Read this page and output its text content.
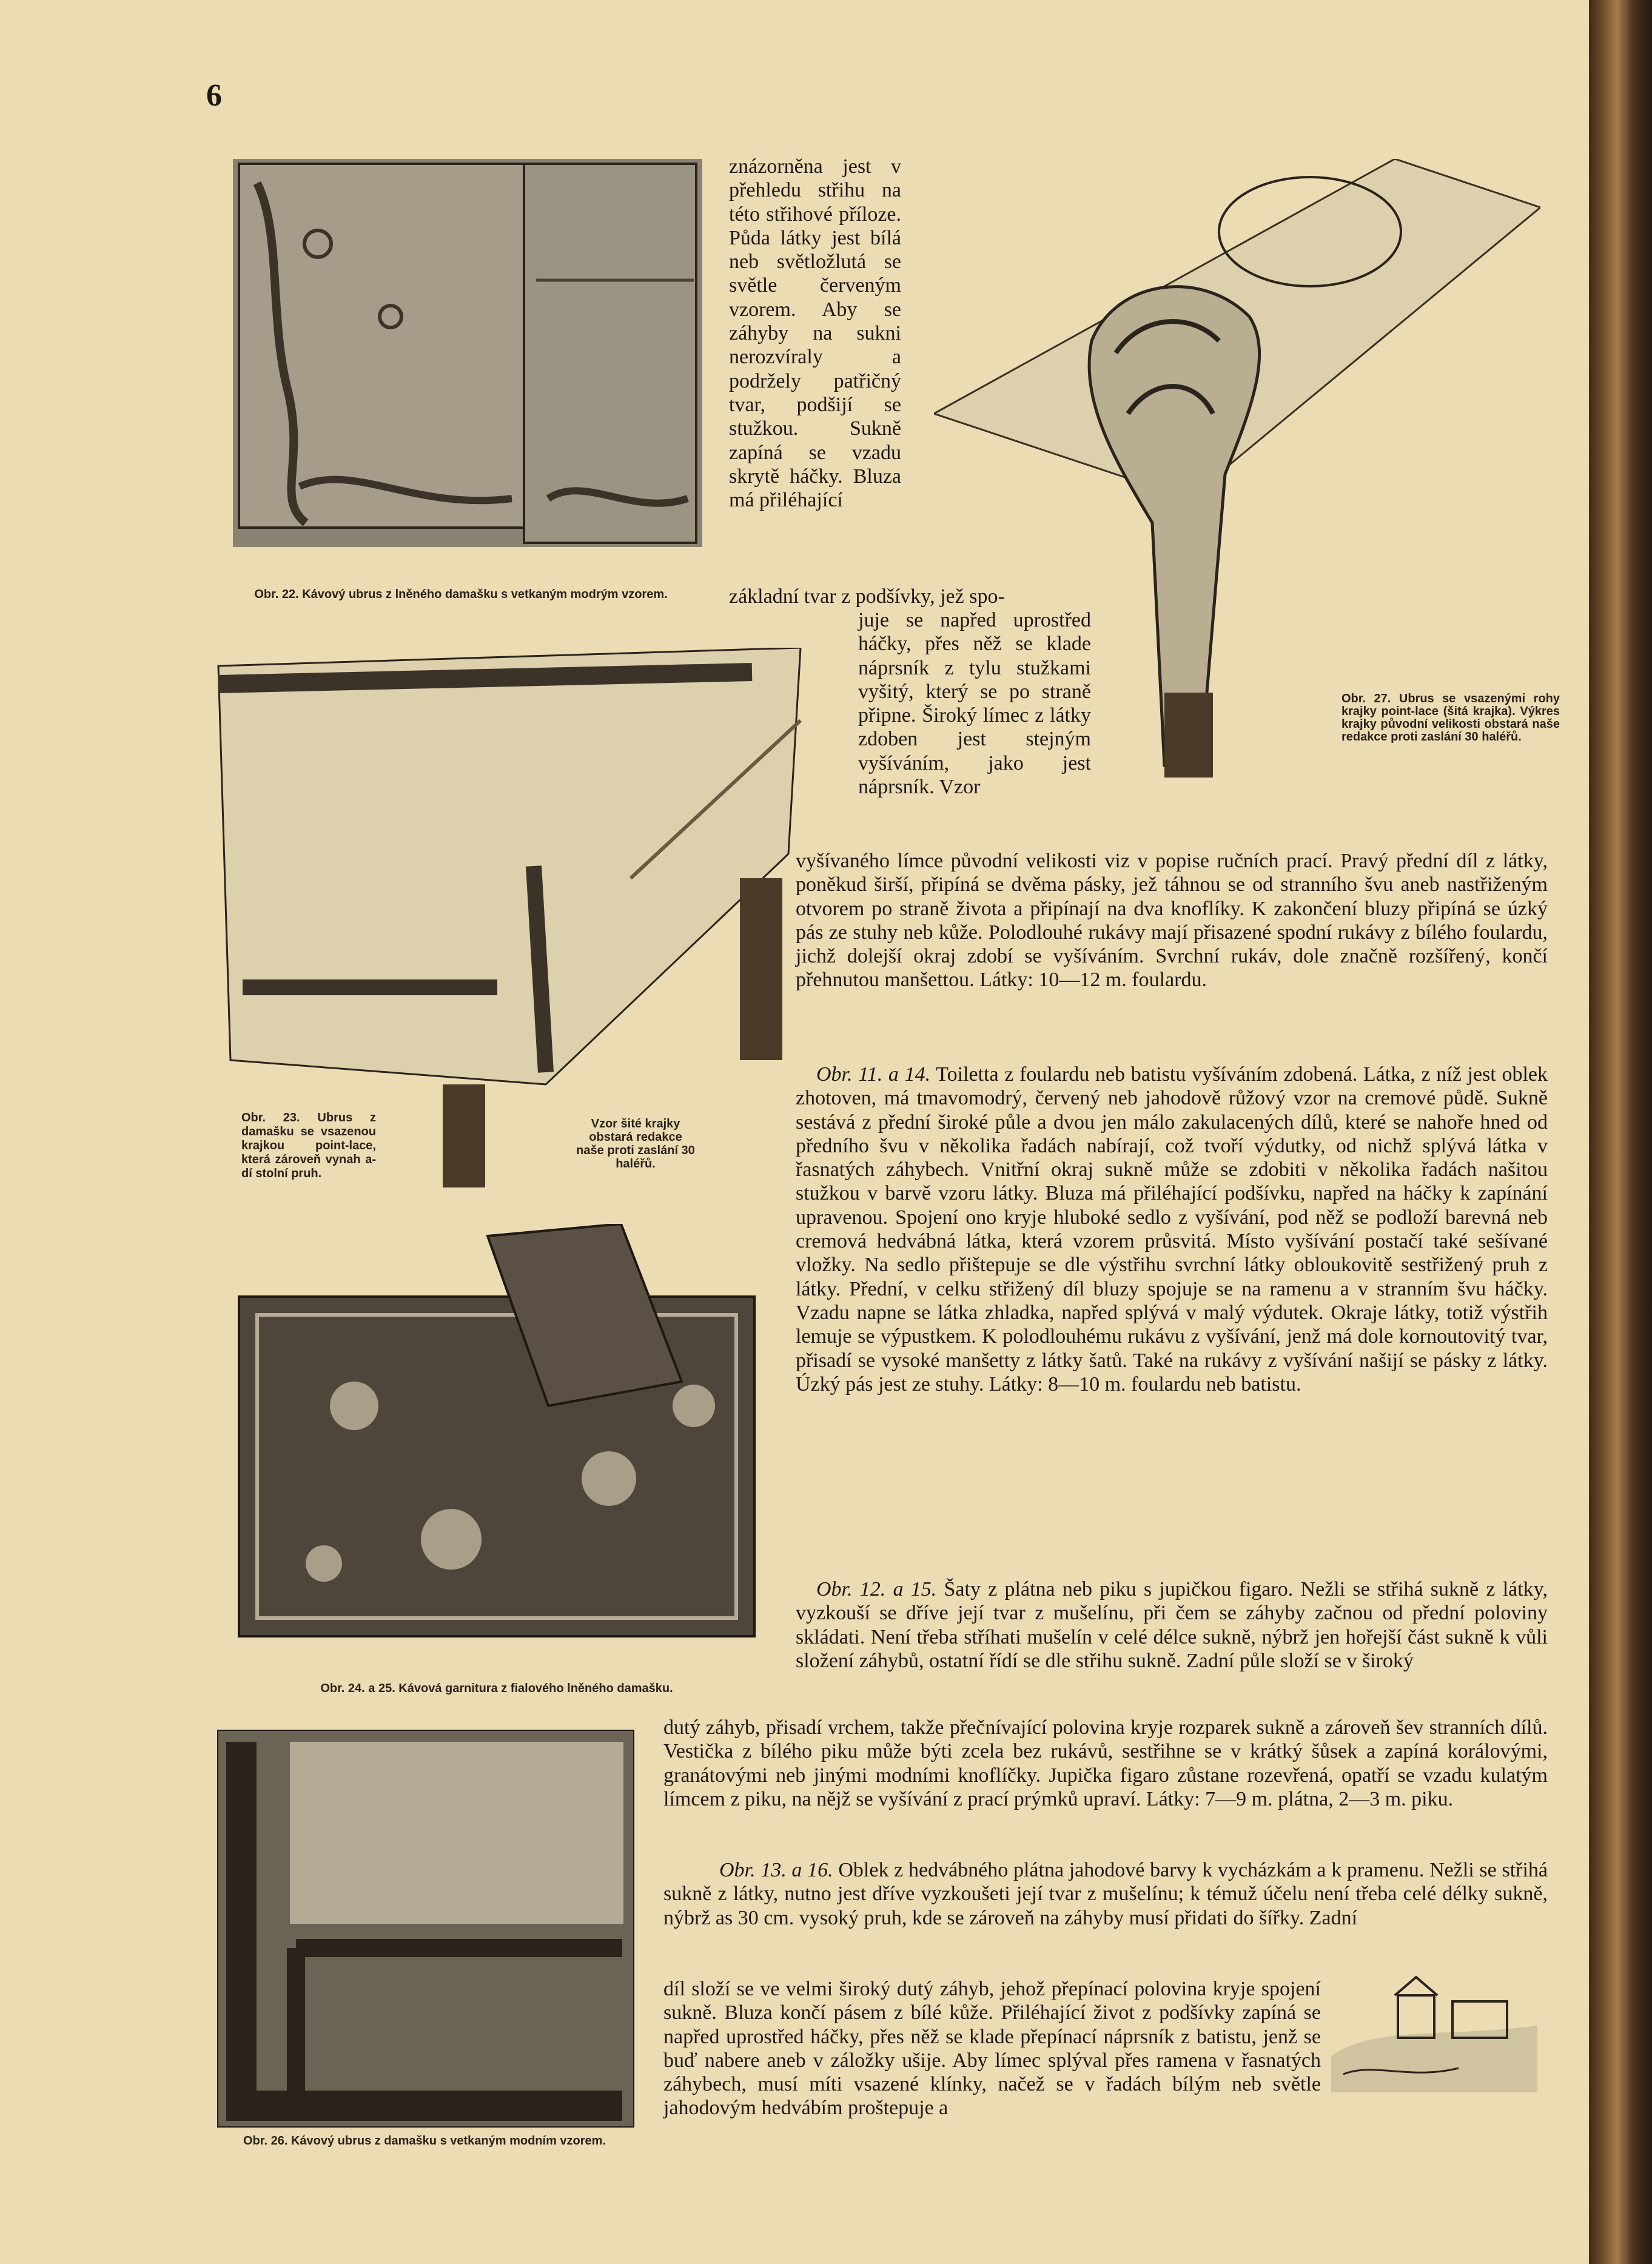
6

Obr. 22. Kávový ubrus z lněného damašku s vetkaným modrým vzorem.

Obr. 27. Ubrus se vsazenými rohy krajky point-lace (šitá krajka). Výkres krajky původní velikosti obstará naše redakce proti zaslání 30 haléřů.

znázorněna jest v přehledu střihu na této střihové příloze. Půda látky jest bílá neb světložlutá se světle červeným vzorem. Aby se záhyby na sukni nerozvíraly a podržely patřičný tvar, podšijí se stužkou. Sukně zapíná se vzadu skrytě háčky. Bluza má přiléhající

základní tvar z podšívky, jež spo-

juje se napřed uprostřed háčky, přes něž se klade náprsník z tylu stužkami vyšitý, který se po straně připne. Široký límec z látky zdoben jest stejným vyšíváním, jako jest náprsník. Vzor

Obr. 23. Ubrus z damašku se vsazenou krajkou point-lace, která zároveň vynah a-dí stolní pruh.

Vzor šité krajky obstará redakce naše proti zaslání 30 haléřů.

vyšívaného límce původní velikosti viz v popise ručních prací. Pravý přední díl z látky, poněkud širší, připíná se dvěma pásky, jež táhnou se od stranního švu aneb nastřiženým otvorem po straně života a připínají na dva knoflíky. K zakončení bluzy připíná se úzký pás ze stuhy neb kůže. Polodlouhé rukávy mají přisazené spodní rukávy z bílého foulardu, jichž dolejší okraj zdobí se vyšíváním. Svrchní rukáv, dole značně rozšířený, končí přehnutou manšettou. Látky: 10—12 m. foulardu.

Obr. 11. a 14. Toiletta z foulardu neb batistu vyšíváním zdobená. Látka, z níž jest oblek zhotoven, má tmavomodrý, červený neb jahodově růžový vzor na cremové půdě. Sukně sestává z přední široké půle a dvou jen málo zakulacených dílů, které se nahoře hned od předního švu v několika řadách nabírají, což tvoří výdutky, od nichž splývá látka v řasnatých záhybech. Vnitřní okraj sukně může se zdobiti v několika řadách našitou stužkou v barvě vzoru látky. Bluza má přiléhající podšívku, napřed na háčky k zapínání upravenou. Spojení ono kryje hluboké sedlo z vyšívání, pod něž se podloží barevná neb cremová hedvábná látka, která vzorem průsvitá. Místo vyšívání postačí také sešívané vložky. Na sedlo přištepuje se dle výstřihu svrchní látky obloukovitě sestřižený pruh z látky. Přední, v celku střižený díl bluzy spojuje se na ramenu a v stranním švu háčky. Vzadu napne se látka zhladka, napřed splývá v malý výdutek. Okraje látky, totiž výstřih lemuje se výpustkem. K polodlouhému rukávu z vyšívání, jenž má dole kornoutovitý tvar, přisadí se vysoké manšetty z látky šatů. Také na rukávy z vyšívání našijí se pásky z látky. Úzký pás jest ze stuhy. Látky: 8—10 m. foulardu neb batistu.

Obr. 24. a 25. Kávová garnitura z fialového lněného damašku.

Obr. 12. a 15. Šaty z plátna neb piku s jupičkou figaro. Nežli se střihá sukně z látky, vyzkouší se dříve její tvar z mušelínu, při čem se záhyby začnou od přední poloviny skládati. Není třeba stříhati mušelín v celé délce sukně, nýbrž jen hořejší část sukně k vůli složení záhybů, ostatní řídí se dle střihu sukně. Zadní půle složí se v široký

Obr. 26. Kávový ubrus z damašku s vetkaným modním vzorem.

dutý záhyb, přisadí vrchem, takže přečnívající polovina kryje rozparek sukně a zároveň šev stranních dílů. Vestička z bílého piku může býti zcela bez rukávů, sestřihne se v krátký šůsek a zapíná korálovými, granátovými neb jinými modními knoflíčky. Jupička figaro zůstane rozevřená, opatří se vzadu kulatým límcem z piku, na nějž se vyšívání z prací prýmků upraví. Látky: 7—9 m. plátna, 2—3 m. piku.

Obr. 13. a 16. Oblek z hedvábného plátna jahodové barvy k vycházkám a k pramenu. Nežli se střihá sukně z látky, nutno jest dříve vyzkoušeti její tvar z mušelínu; k témuž účelu není třeba celé délky sukně, nýbrž as 30 cm. vysoký pruh, kde se zároveň na záhyby musí přidati do šířky. Zadní

díl složí se ve velmi široký dutý záhyb, jehož přepínací polovina kryje spojení sukně. Bluza končí pásem z bílé kůže. Přiléhající život z podšívky zapíná se napřed uprostřed háčky, přes něž se klade přepínací náprsník z batistu, jenž se buď nabere aneb v záložky ušije. Aby límec splýval přes ramena v řasnatých záhybech, musí míti vsazené klínky, načež se v řadách bílým neb světle jahodovým hedvábím proštepuje a
